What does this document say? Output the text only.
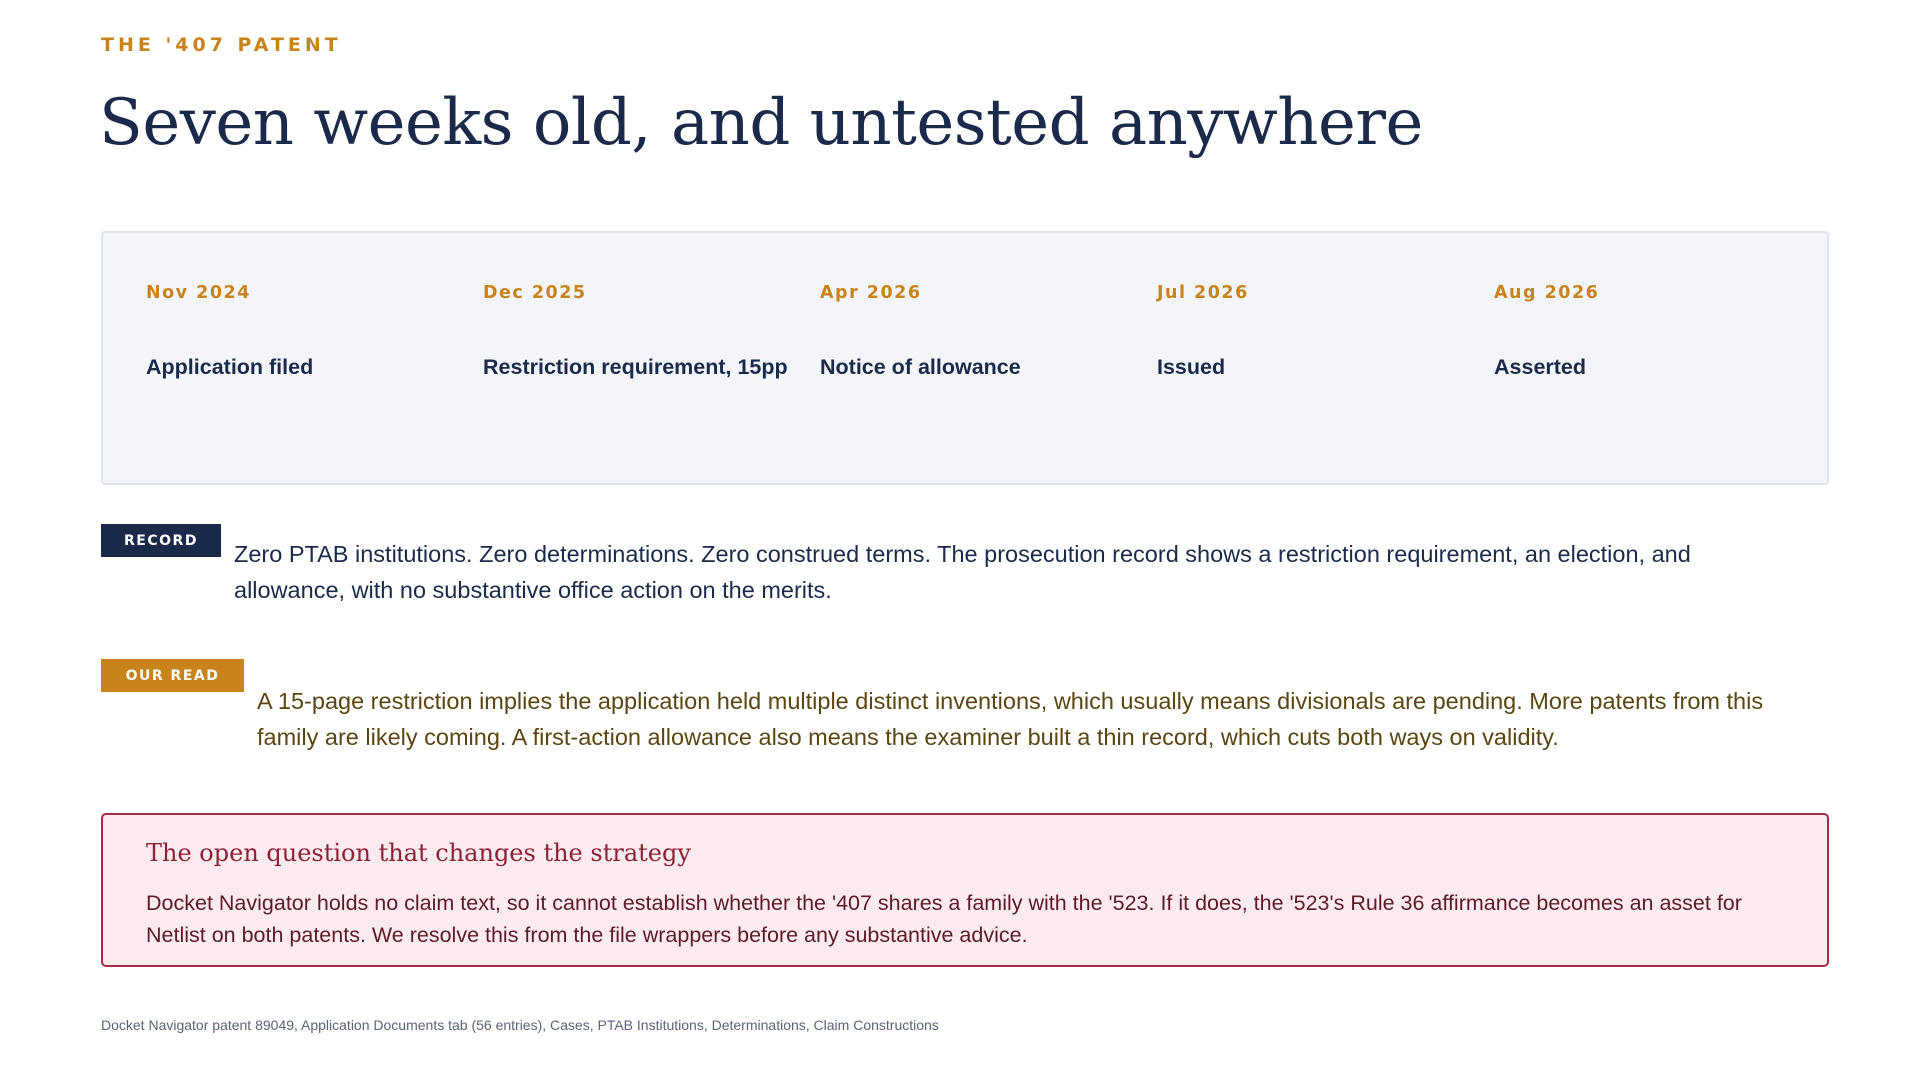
THE '407 PATENT
Seven weeks old, and untested anywhere
Nov 2024
Application filed
Dec 2025
Restriction requirement, 15pp
Apr 2026
Notice of allowance
Jul 2026
Issued
Aug 2026
Asserted
RECORD
Zero PTAB institutions. Zero determinations. Zero construed terms. The prosecution record shows a restriction requirement, an election, and allowance, with no substantive office action on the merits.
OUR READ
A 15-page restriction implies the application held multiple distinct inventions, which usually means divisionals are pending. More patents from this family are likely coming. A first-action allowance also means the examiner built a thin record, which cuts both ways on validity.
The open question that changes the strategy
Docket Navigator holds no claim text, so it cannot establish whether the '407 shares a family with the '523. If it does, the '523's Rule 36 affirmance becomes an asset for Netlist on both patents. We resolve this from the file wrappers before any substantive advice.
Docket Navigator patent 89049, Application Documents tab (56 entries), Cases, PTAB Institutions, Determinations, Claim Constructions
